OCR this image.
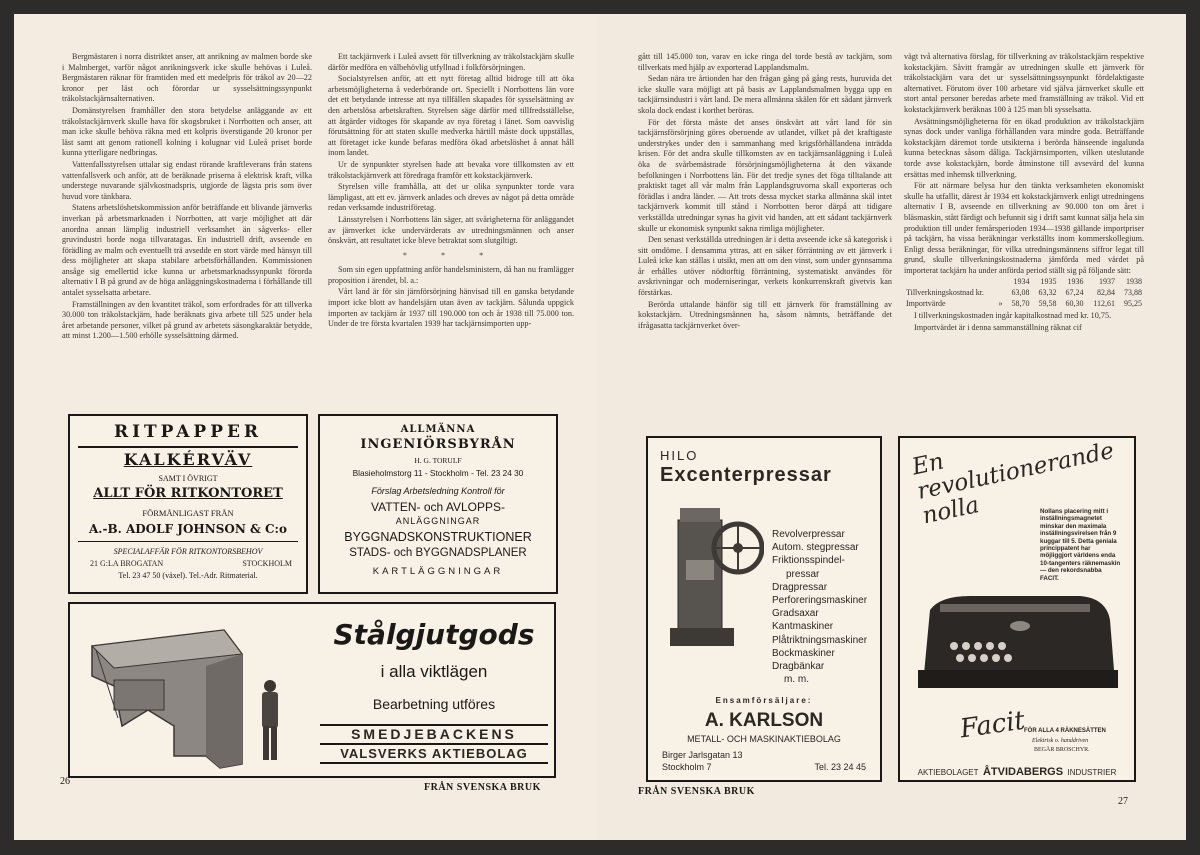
Bergmästaren i norra distriktet anser, att anrikning av malmen borde ske i Malmberget, varför något anrikningsverk icke skulle behövas i Luleå. Bergmästaren räknar för framtiden med ett medelpris för träkol av 20—22 kronor per läst och förordar ur sysselsättningssynpunkt träkolstackjärnsalternativen.

Domänstyrelsen framhåller den stora betydelse anläggande av ett träkolstackjärnverk skulle hava för skogsbruket i Norrbotten och anser, att man icke skulle behöva räkna med ett kolpris överstigande 20 kronor per läst samt att genom rationell kolning i kolugnar vid Luleå priset borde kunna ytterligare nedbringas.

Vattenfallsstyrelsen uttalar sig endast rörande kraftleverans från statens vattenfallsverk och anför, att de beräknade priserna å elektrisk kraft, vilka understege nuvarande självkostnadspris, utgjorde de lägsta pris som över huvud vore tänkbara.

Statens arbetslöshetskommission anför beträffande ett blivande järnverks inverkan på arbetsmarknaden i Norrbotten, att varje möjlighet att där anordna annan lämplig industriell verksamhet än sågverks- eller gruvindustri borde noga tillvaratagas. En industriell drift, avseende en förädling av malm och eventuellt trä avsedde en stort värde med hänsyn till dess möjligheter att skapa stabilare arbetsförhållanden. Kommissionen ansåge sig emellertid icke kunna ur arbetsmarknadssynpunkt förorda alternativ I B på grund av de höga anläggningskostnaderna i förhållande till antalet sysselsatta arbetare.

Framställningen av den kvantitet träkol, som erfordrades för att tillverka 30.000 ton träkolstackjärn, hade beräknats giva arbete till 525 under hela året arbetande personer, vilket på grund av arbetets säsongkaraktär betydde, att minst 1.200—1.500 erhölle sysselsättning därmed.

Ett tackjärnverk i Luleå avsett för tillverkning av träkolstackjärn skulle därför medföra en välbehövlig utfyllnad i folkförsörjningen.

Socialstyrelsen anför, att ett nytt företag alltid bidroge till att öka arbetsmöjligheterna å vederbörande ort. Speciellt i Norrbottens län vore det ett betydande intresse att nya tillfällen skapades för sysselsättning av den arbetslösa arbetskraften. Styrelsen säge därför med tillfredsställelse, att åtgärder vidtoges för skapande av nya företag i länet. Som oavvislig förutsättning för att staten skulle medverka härtill måste dock uppställas, att företaget icke kunde befaras medföra ökad arbetslöshet å annat håll inom landet.

Ur de synpunkter styrelsen hade att bevaka vore tillkomsten av ett träkolstackjärnverk att föredraga framför ett kokstackjärnverk.

Styrelsen ville framhålla, att det ur olika synpunkter torde vara lämpligast, att ett ev. järnverk anlades och dreves av något på detta område redan verksamde industriföretag.

Länsstyrelsen i Norrbottens län säger, att svårigheterna för anläggandet av järnverket icke undervärderats av utredningsmännen och anser önskvärt, att resultatet icke bleve betraktat som slutgiltigt.

* * *

Som sin egen uppfattning anför handelsministern, då han nu framlägger proposition i ärendet, bl. a.:

Vårt land är för sin järnförsörjning hänvisad till en ganska betydande import icke blott av handelsjärn utan även av tackjärn. Sålunda uppgick importen av tackjärn år 1937 till 190.000 ton och år 1938 till 75.000 ton. Under de tre första kvartalen 1939 har tackjärnsimporten upp-

RITPAPPER
KALKÉRVÄV
SAMT I ÖVRIGT
ALLT FÖR RITKONTORET
FÖRMÅNLIGAST FRÅN
A.-B. ADOLF JOHNSON & C:o
SPECIALAFFÄR FÖR RITKONTORSBEHOV
21 G:LA BROGATAN	STOCKHOLM
Tel. 23 47 50 (växel). Tel.-Adr. Ritmaterial.
ALLMÄNNA
INGENIÖRSBYRÅN
H. G. TORULF
Blasieholmstorg 11 - Stockholm - Tel. 23 24 30
Förslag Arbetsledning Kontroll för
VATTEN- och AVLOPPS-
ANLÄGGNINGAR
BYGGNADSKONSTRUKTIONER
STADS- och BYGGNADSPLANER
KARTLÄGGNINGAR
Stålgjutgods
i alla viktlägen
Bearbetning utföres
SMEDJEBACKENS
VALSVERKS AKTIEBOLAG
26
FRÅN SVENSKA BRUK

gått till 145.000 ton, varav en icke ringa del torde bestå av tackjärn, som tillverkats med hjälp av exporterad Lapplandsmalm.

Sedan nära tre årtionden har den frågan gång på gång rests, huruvida det icke skulle vara möjligt att på basis av Lapplandsmalmen bygga upp en tackjärnsindustri i vårt land. De mera allmänna skälen för ett sådant järnverk skola dock endast i korthet beröras.

För det första måste det anses önskvärt att vårt land för sin tackjärnsförsörjning göres oberoende av utlandet, vilket på det kraftigaste understrykes under den i sammanhang med krigsförhållandena inträdda krisen. För det andra skulle tillkomsten av en tackjärnsanläggning i Luleå öka de svårbemästrade försörjningsmöjligheterna åt den växande befolkningen i Norrbottens län. För det tredje synes det föga tilltalande att praktiskt taget all vår malm från Lapplandsgruvorna skall exporteras och förädlas i andra länder. — Att trots dessa mycket starka allmänna skäl intet tackjärnverk kommit till stånd i Norrbotten beror därpå att tidigare verkställda utredningar synas ha givit vid handen, att ett sådant tackjärnverk skulle ur ekonomisk synpunkt sakna rimliga möjligheter.

Den senast verkställda utredningen är i detta avseende icke så kategorisk i sitt omdöme. I densamma yttras, att en säker förräntning av ett järnverk i Luleå icke kan ställas i utsikt, men att om den vinst, som under gynnsamma år erhålles utöver nödtorftig förräntning, systematiskt användes för avskrivningar och moderniseringar, verkets konkurrenskraft givetvis kan förstärkas.

Berörda uttalande hänför sig till ett järnverk för framställning av kokstackjärn. Utredningsmännen ha, såsom nämnts, beträffande det ifrågasatta tackjärnverket över-

vägt två alternativa förslag, för tillverkning av träkolstackjärn respektive kokstackjärn. Såvitt framgår av utredningen skulle ett järnverk för träkolstackjärn vara det ur sysselsättningssynpunkt fördelaktigaste alternativet. Förutom över 100 arbetare vid själva järnverket skulle ett stort antal personer beredas arbete med framställning av träkol. Vid ett kokstackjärnverk beräknas 100 à 125 man bli sysselsatta.

Avsättningsmöjligheterna för en ökad produktion av träkolstackjärn synas dock under vanliga förhållanden vara mindre goda. Beträffande kokstackjärn däremot torde utsikterna i berörda hänseende ingalunda kunna betecknas såsom dåliga. Tackjärnsimporten, vilken uteslutande torde avse kokstackjärn, borde åtminstone till avsevärd del kunna ersättas med inhemsk tillverkning.

För att närmare belysa hur den tänkta verksamheten ekonomiskt skulle ha utfallit, därest år 1934 ett kokstackjärnverk enligt utredningens alternativ I B, avseende en tillverkning av 90.000 ton om året i bläsmaskin, stått färdigt och befunnit sig i drift samt kunnat sälja hela sin produktion till under femårsperioden 1934—1938 gällande importpriser på tackjärn, ha vissa beräkningar verkställts inom kommerskollegium. Enligt dessa beräkningar, för vilka utredningsmännens siffror legat till grund, skulle tillverkningskostnaderna jämförda med värdet på importerat tackjärn ha under anförda period ställt sig på följande sätt:

	1934	1935	1936	1937	1938
Tillverkningskostnad kr.	63,08	63,32	67,24	82,84	73,88
Importvärde »	58,70	59,58	60,30	112,61	95,25

I tillverkningskostnaden ingår kapitalkostnad med kr. 10,75.

Importvärdet är i denna sammanställning räknat cif

HILO
Excenterpressar
Revolverpressar
Autom. stegpressar
Friktionsspindel-
pressar
Dragpressar
Perforeringsmaskiner
Gradsaxar
Kantmaskiner
Plåtriktningsmaskiner
Bockmaskiner
Dragbänkar
m. m.
Ensamförsäljare:
A. KARLSON
METALL- OCH MASKINAKTIEBOLAG
Birger Jarlsgatan 13
Stockholm 7	Tel. 23 24 45
En revolutionerande nolla	Nollans placering mitt i inställningsmagnetet minskar den maximala inställningsvirelsen från 9 kuggar till 5. Detta geniala princippatent har möjliggjort världens enda 10-tangenters räknemaskin — den rekordsnabba FACIT.
Facit
FÖR ALLA 4 RÄKNESÄTTEN
Elektrisk o. handdriven
BEGÄR BROSCHYR.
AKTIEBOLAGET ÅTVIDABERGS INDUSTRIER
FRÅN SVENSKA BRUK
27
